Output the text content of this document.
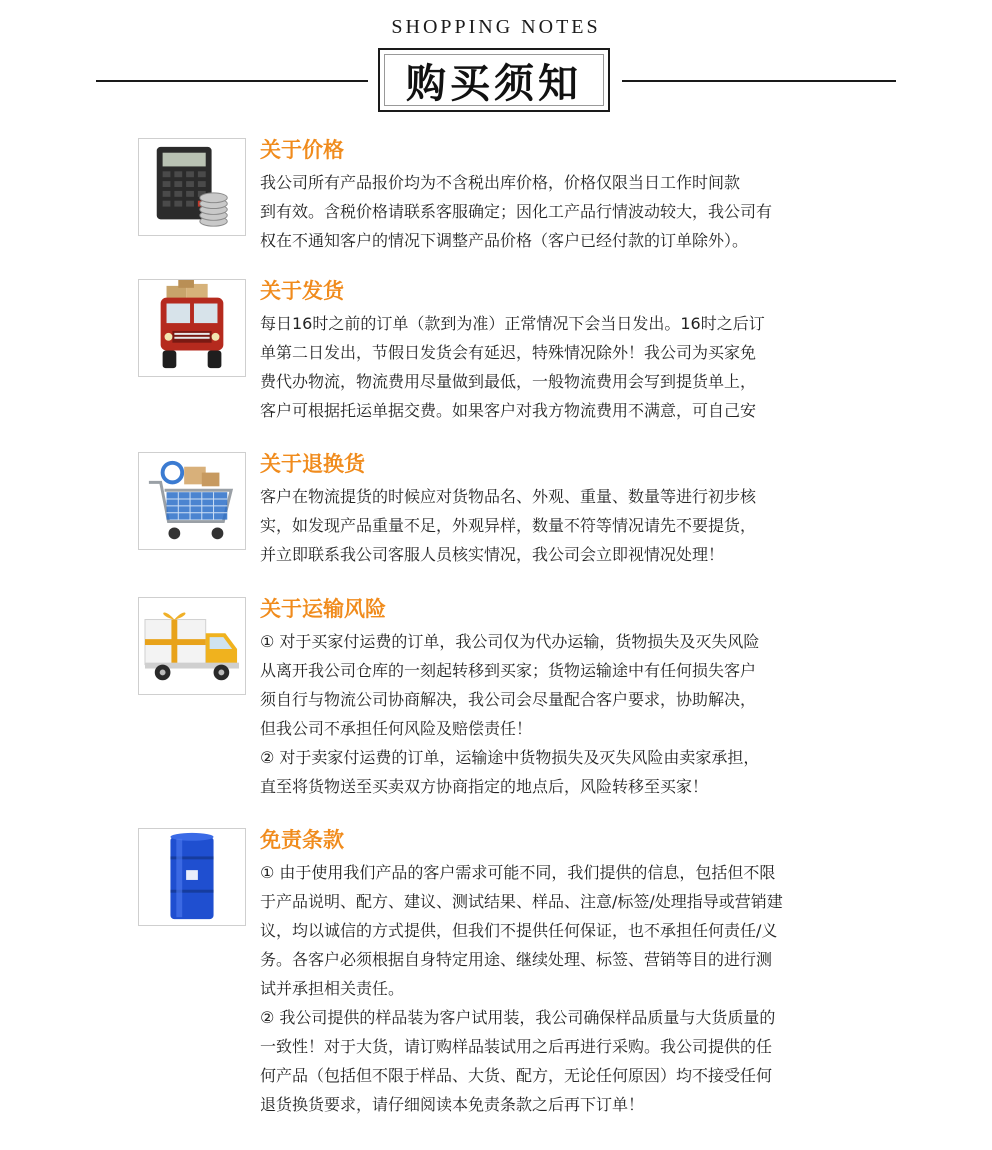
SHOPPING NOTES
购买须知
关于价格

我公司所有产品报价均为不含税出库价格，价格仅限当日工作时间款

到有效。含税价格请联系客服确定；因化工产品行情波动较大，我公司有

权在不通知客户的情况下调整产品价格（客户已经付款的订单除外）。

关于发货

每日16时之前的订单（款到为准）正常情况下会当日发出。16时之后订

单第二日发出，节假日发货会有延迟，特殊情况除外！我公司为买家免

费代办物流，物流费用尽量做到最低，一般物流费用会写到提货单上，

客户可根据托运单据交费。如果客户对我方物流费用不满意，可自己安

关于退换货

客户在物流提货的时候应对货物品名、外观、重量、数量等进行初步核

实，如发现产品重量不足，外观异样，数量不符等情况请先不要提货，

并立即联系我公司客服人员核实情况，我公司会立即视情况处理！

关于运输风险

① 对于买家付运费的订单，我公司仅为代办运输，货物损失及灭失风险

从离开我公司仓库的一刻起转移到买家；货物运输途中有任何损失客户

须自行与物流公司协商解决，我公司会尽量配合客户要求，协助解决，

但我公司不承担任何风险及赔偿责任！

② 对于卖家付运费的订单，运输途中货物损失及灭失风险由卖家承担，

直至将货物送至买卖双方协商指定的地点后，风险转移至买家！

免责条款

① 由于使用我们产品的客户需求可能不同，我们提供的信息，包括但不限

于产品说明、配方、建议、测试结果、样品、注意/标签/处理指导或营销建

议，均以诚信的方式提供，但我们不提供任何保证，也不承担任何责任/义

务。各客户必须根据自身特定用途、继续处理、标签、营销等目的进行测

试并承担相关责任。

② 我公司提供的样品装为客户试用装，我公司确保样品质量与大货质量的

一致性！对于大货，请订购样品装试用之后再进行采购。我公司提供的任

何产品（包括但不限于样品、大货、配方，无论任何原因）均不接受任何

退货换货要求，请仔细阅读本免责条款之后再下订单！
